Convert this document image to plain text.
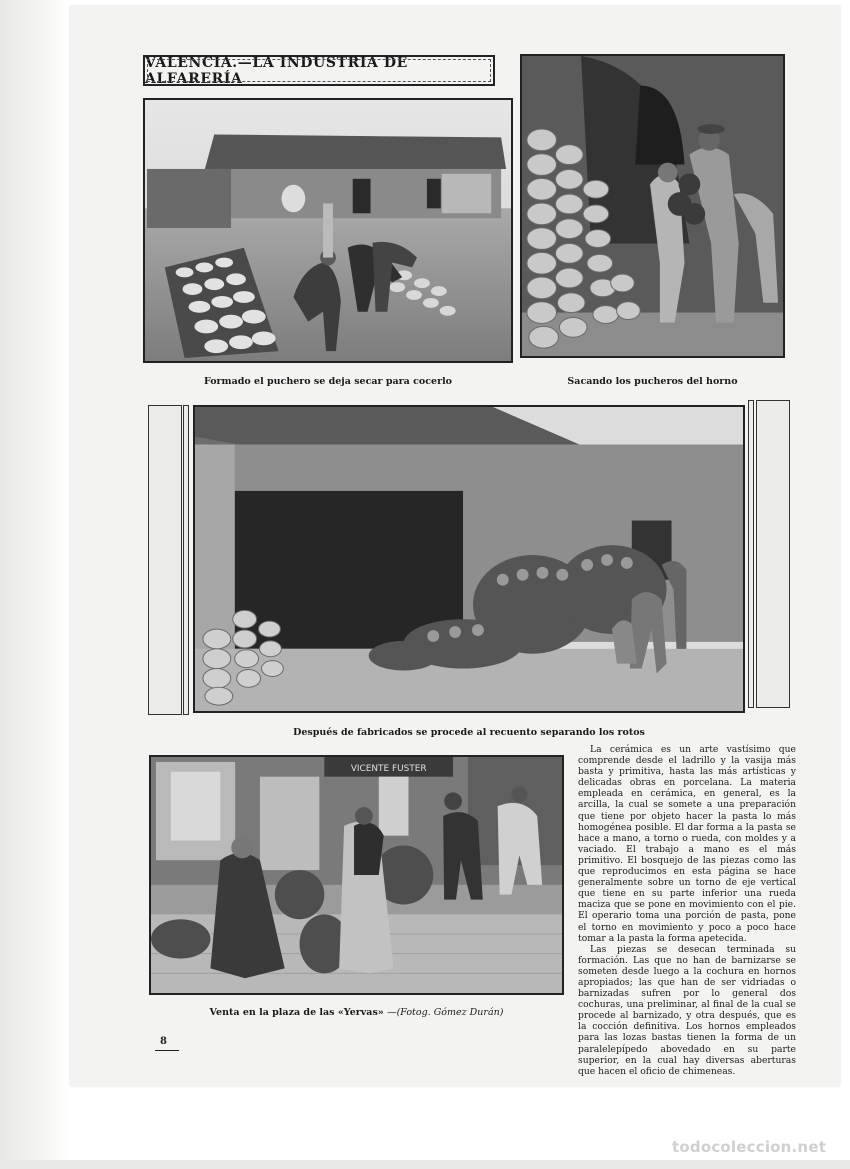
VALENCIA.—LA INDUSTRIA DE ALFARERÍA
Formado el puchero se deja secar para cocerlo	Sacando los pucheros del horno
Después de fabricados se procede al recuento separando los rotos
VICENTE FUSTER
Venta en la plaza de las «Yervas» —(Fotog. Gómez Durán)

La cerámica es un arte vastísimo que comprende desde el ladrillo y la vasija más basta y primitiva, hasta las más artísticas y delicadas obras en porcelana. La materia empleada en cerámica, en general, es la arcilla, la cual se somete a una preparación que tiene por objeto hacer la pasta lo más homogénea posible. El dar forma a la pasta se hace a mano, a torno o rueda, con moldes y a vaciado. El trabajo a mano es el más primitivo. El bosquejo de las piezas como las que reproducimos en esta página se hace generalmente sobre un torno de eje vertical que tiene en su parte inferior una rueda maciza que se pone en movimiento con el pie. El operario toma una porción de pasta, pone el torno en movimiento y poco a poco hace tomar a la pasta la forma apetecida.

Las piezas se desecan terminada su formación. Las que no han de barnizarse se someten desde luego a la cochura en hornos apropiados; las que han de ser vidriadas o barnizadas sufren por lo general dos cochuras, una preliminar, al final de la cual se procede al barnizado, y otra después, que es la cocción definitiva. Los hornos empleados para las lozas bastas tienen la forma de un paralelepípedo abovedado en su parte superior, en la cual hay diversas aberturas que hacen el oficio de chimeneas.

8
todocoleccion.net
